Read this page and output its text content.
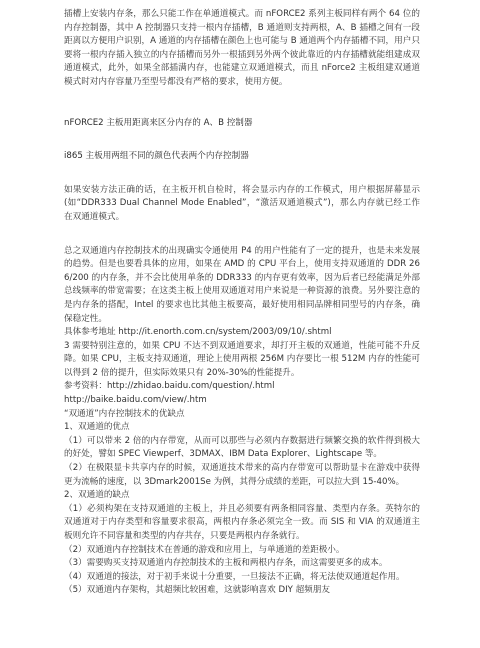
插槽上安装内存条，那么只能工作在单通道模式。而 nFORCE2 系列主板同样有两个 64 位的内存控制器，其中 A 控制器只支持一根内存插槽，B 通道则支持两根，A、B 插槽之间有一段距离以方便用户识别，A 通道的内存插槽在颜色上也可能与 B 通道两个内存插槽不同，用户只要将一根内存插入独立的内存插槽而另外一根插到另外两个彼此靠近的内存插槽就能组建成双通道模式，此外，如果全部插满内存，也能建立双通道模式，而且 nForce2 主板组建双通道模式时对内存容量乃至型号都没有严格的要求，使用方便。

nFORCE2 主板用距离来区分内存的 A、B 控制器

i865 主板用两组不同的颜色代表两个内存控制器

如果安装方法正确的话，在主板开机自检时，将会显示内存的工作模式，用户根据屏幕显示(如“DDR333 Dual Channel Mode Enabled”，“激活双通道模式”)，那么内存就已经工作在双通道模式。

总之双通道内存控制技术的出现确实令通使用 P4 的用户性能有了一定的提升，也是未来发展的趋势。但是也要看具体的应用，如果在 AMD 的 CPU 平台上，使用支持双通道的 DDR 266/200 的内存条，并不会比使用单条的 DDR333 的内存更有效率，因为后者已经能满足外部总线频率的带宽需要；在这类主板上使用双通道对用户来说是一种资源的浪费。另外要注意的是内存条的搭配，Intel 的要求也比其他主板要高，最好使用相同品牌相同型号的内存条，确保稳定性。

具体参考地址 http://it.enorth.com.cn/system/2003/09/10/.shtml

3 需要特别注意的，如果 CPU 不达不到双通道要求，却打开主板的双通道，性能可能不升反降。如果 CPU，主板支持双通道，理论上使用两根 256M 内存要比一根 512M 内存的性能可以得到 2 倍的提升，但实际效果只有 20%-30%的性能提升。

参考资料：http://zhidao.baidu.com/question/.html

http://baike.baidu.com/view/.htm

“双通道”内存控制技术的优缺点

1、双通道的优点

（1）可以带来 2 倍的内存带宽，从而可以那些与必须内存数据进行频繁交换的软件得到极大的好处，譬如 SPEC Viewperf、3DMAX、IBM Data Explorer、Lightscape 等。

（2）在极限显卡共享内存的时候，双通道技术带来的高内存带宽可以帮助显卡在游戏中获得更为流畅的速度，以 3Dmark2001Se 为例，其得分成绩的差距，可以拉大到 15-40%。

2、双通道的缺点

（1）必须构架在支持双通道的主板上，并且必须要有两条相同容量、类型内存条。英特尔的双通道对于内存类型和容量要求很高，两根内存条必须完全一致。而 SIS 和 VIA 的双通道主板则允许不同容量和类型的内存共存，只要是两根内存条就行。

（2）双通道内存控制技术在普通的游戏和应用上，与单通道的差距极小。

（3）需要购买支持双通道内存控制技术的主板和两根内存条，而这需要更多的成本。

（4）双通道的接法，对于初手来说十分重要，一旦接法不正确，将无法使双通道起作用。

（5）双通道内存架构，其超频比较困难，这就影响喜欢 DIY 超频朋友
